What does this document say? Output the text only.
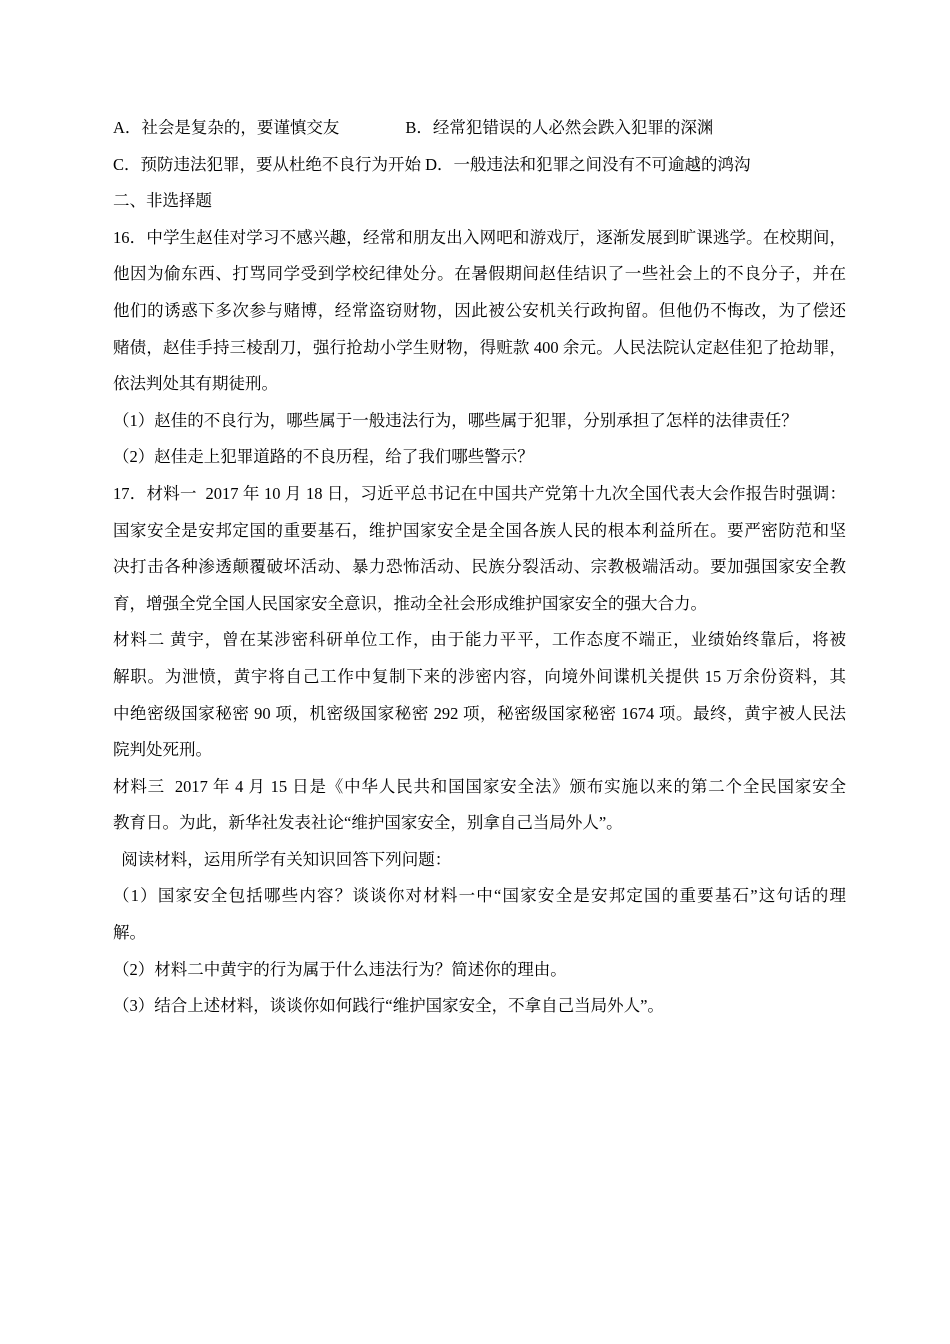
A．社会是复杂的，要谨慎交友                B．经常犯错误的人必然会跌入犯罪的深渊
C．预防违法犯罪，要从杜绝不良行为开始 D．一般违法和犯罪之间没有不可逾越的鸿沟
二、非选择题
16．中学生赵佳对学习不感兴趣，经常和朋友出入网吧和游戏厅，逐渐发展到旷课逃学。在校期间，
他因为偷东西、打骂同学受到学校纪律处分。在暑假期间赵佳结识了一些社会上的不良分子，并在
他们的诱惑下多次参与赌博，经常盗窃财物，因此被公安机关行政拘留。但他仍不悔改，为了偿还
赌债，赵佳手持三棱刮刀，强行抢劫小学生财物，得赃款 400 余元。人民法院认定赵佳犯了抢劫罪，
依法判处其有期徒刑。
（1）赵佳的不良行为，哪些属于一般违法行为，哪些属于犯罪，分别承担了怎样的法律责任？
（2）赵佳走上犯罪道路的不良历程，给了我们哪些警示？
17．材料一  2017 年 10 月 18 日，习近平总书记在中国共产党第十九次全国代表大会作报告时强调：
国家安全是安邦定国的重要基石，维护国家安全是全国各族人民的根本利益所在。要严密防范和坚
决打击各种渗透颠覆破坏活动、暴力恐怖活动、民族分裂活动、宗教极端活动。要加强国家安全教
育，增强全党全国人民国家安全意识，推动全社会形成维护国家安全的强大合力。
材料二 黄宇，曾在某涉密科研单位工作，由于能力平平，工作态度不端正，业绩始终靠后，将被
解职。为泄愤，黄宇将自己工作中复制下来的涉密内容，向境外间谍机关提供 15 万余份资料，其
中绝密级国家秘密 90 项，机密级国家秘密 292 项，秘密级国家秘密 1674 项。最终，黄宇被人民法
院判处死刑。
材料三  2017 年 4 月 15 日是《中华人民共和国国家安全法》颁布实施以来的第二个全民国家安全
教育日。为此，新华社发表社论“维护国家安全，别拿自己当局外人”。
阅读材料，运用所学有关知识回答下列问题：
（1）国家安全包括哪些内容？谈谈你对材料一中“国家安全是安邦定国的重要基石”这句话的理
解。
（2）材料二中黄宇的行为属于什么违法行为？简述你的理由。
（3）结合上述材料，谈谈你如何践行“维护国家安全，不拿自己当局外人”。
